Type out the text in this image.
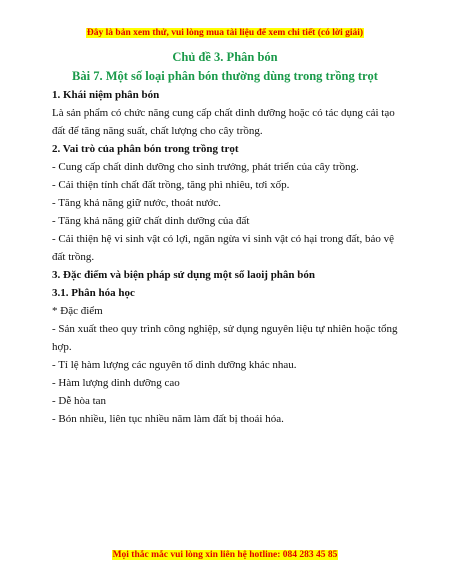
Đây là bản xem thử, vui lòng mua tài liệu để xem chi tiết (có lời giải)
Chủ đề 3. Phân bón
Bài 7. Một số loại phân bón thường dùng trong trồng trọt

1. Khái niệm phân bón

Là sản phẩm có chức năng cung cấp chất dinh dưỡng hoặc có tác dụng cải tạo đất để tăng năng suất, chất lượng cho cây trồng.

2. Vai trò của phân bón trong trồng trọt

- Cung cấp chất dinh dưỡng cho sinh trưởng, phát triển của cây trồng.

- Cải thiện tính chất đất trồng, tăng phì nhiêu, tơi xốp.

- Tăng khả năng giữ nước, thoát nước.

- Tăng khả năng giữ chất dinh dưỡng của đất

- Cải thiện hệ vi sinh vật có lợi, ngăn ngừa vi sinh vật có hại trong đất, bảo vệ đất trồng.

3. Đặc điểm và biện pháp sử dụng một số laoij phân bón

3.1. Phân hóa học

* Đặc điểm

- Sản xuất theo quy trình công nghiệp, sử dụng nguyên liệu tự nhiên hoặc tổng hợp.

- Tỉ lệ hàm lượng các nguyên tố dinh dưỡng khác nhau.

- Hàm lượng dinh dưỡng cao

- Dễ hòa tan

- Bón nhiều, liên tục nhiều năm làm đất bị thoái hóa.

Mọi thắc mắc vui lòng xin liên hệ hotline: 084 283 45 85
